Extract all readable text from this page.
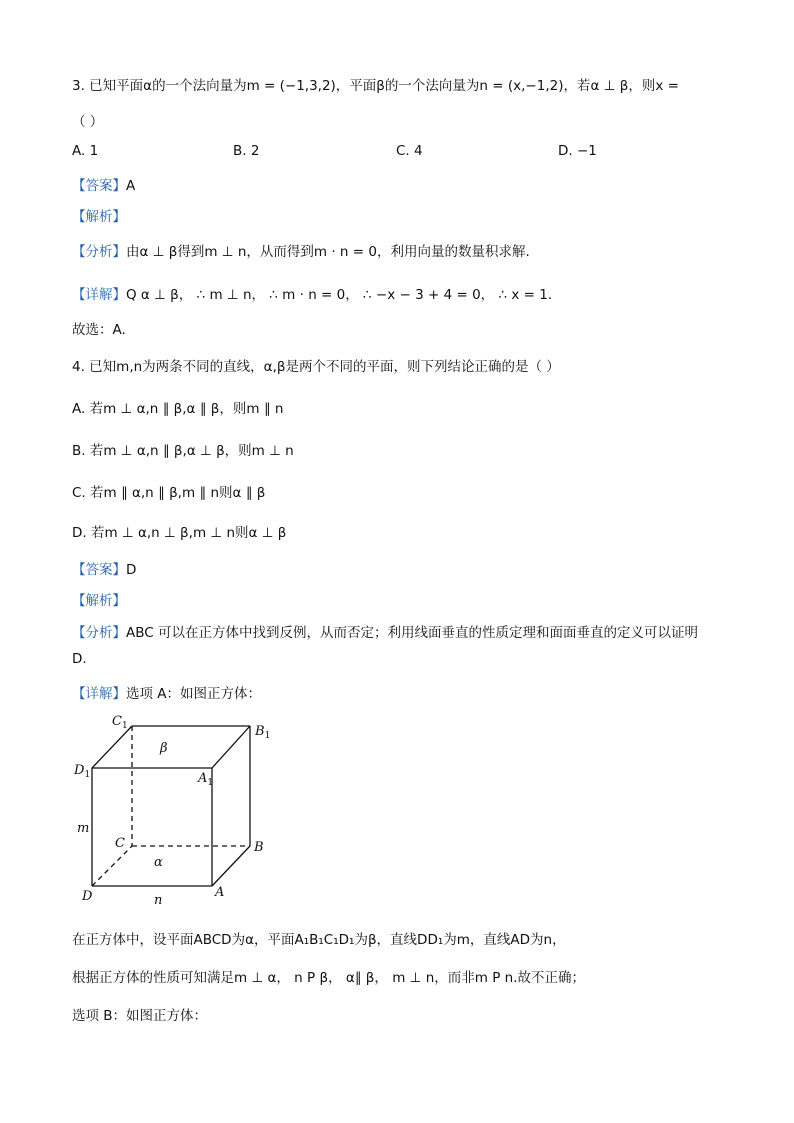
3. 已知平面α的一个法向量为m = (−1,3,2)，平面β的一个法向量为n = (x,−1,2)，若α ⊥ β，则x =
（ ）
A. 1	B. 2	C. 4	D. −1
【答案】A
【解析】
【分析】由α ⊥ β得到m ⊥ n，从而得到m · n = 0，利用向量的数量积求解.
【详解】Q α ⊥ β， ∴ m ⊥ n， ∴ m · n = 0， ∴ −x − 3 + 4 = 0， ∴ x = 1.
故选：A.
4. 已知m,n为两条不同的直线，α,β是两个不同的平面，则下列结论正确的是（ ）
A. 若m ⊥ α,n ∥ β,α ∥ β，则m ∥ n
B. 若m ⊥ α,n ∥ β,α ⊥ β，则m ⊥ n
C. 若m ∥ α,n ∥ β,m ∥ n则α ∥ β
D. 若m ⊥ α,n ⊥ β,m ⊥ n则α ⊥ β
【答案】D
【解析】
【分析】ABC 可以在正方体中找到反例，从而否定；利用线面垂直的性质定理和面面垂直的定义可以证明
D.
【详解】选项 A：如图正方体：
$C_1$	$B_1$
$D_1$	$A_1$
C	B
D	A
β
α
m
n
在正方体中，设平面ABCD为α，平面A₁B₁C₁D₁为β，直线DD₁为m，直线AD为n，
根据正方体的性质可知满足m ⊥ α， n P β， α∥ β， m ⊥ n，而非m P n.故不正确；
选项 B：如图正方体：
